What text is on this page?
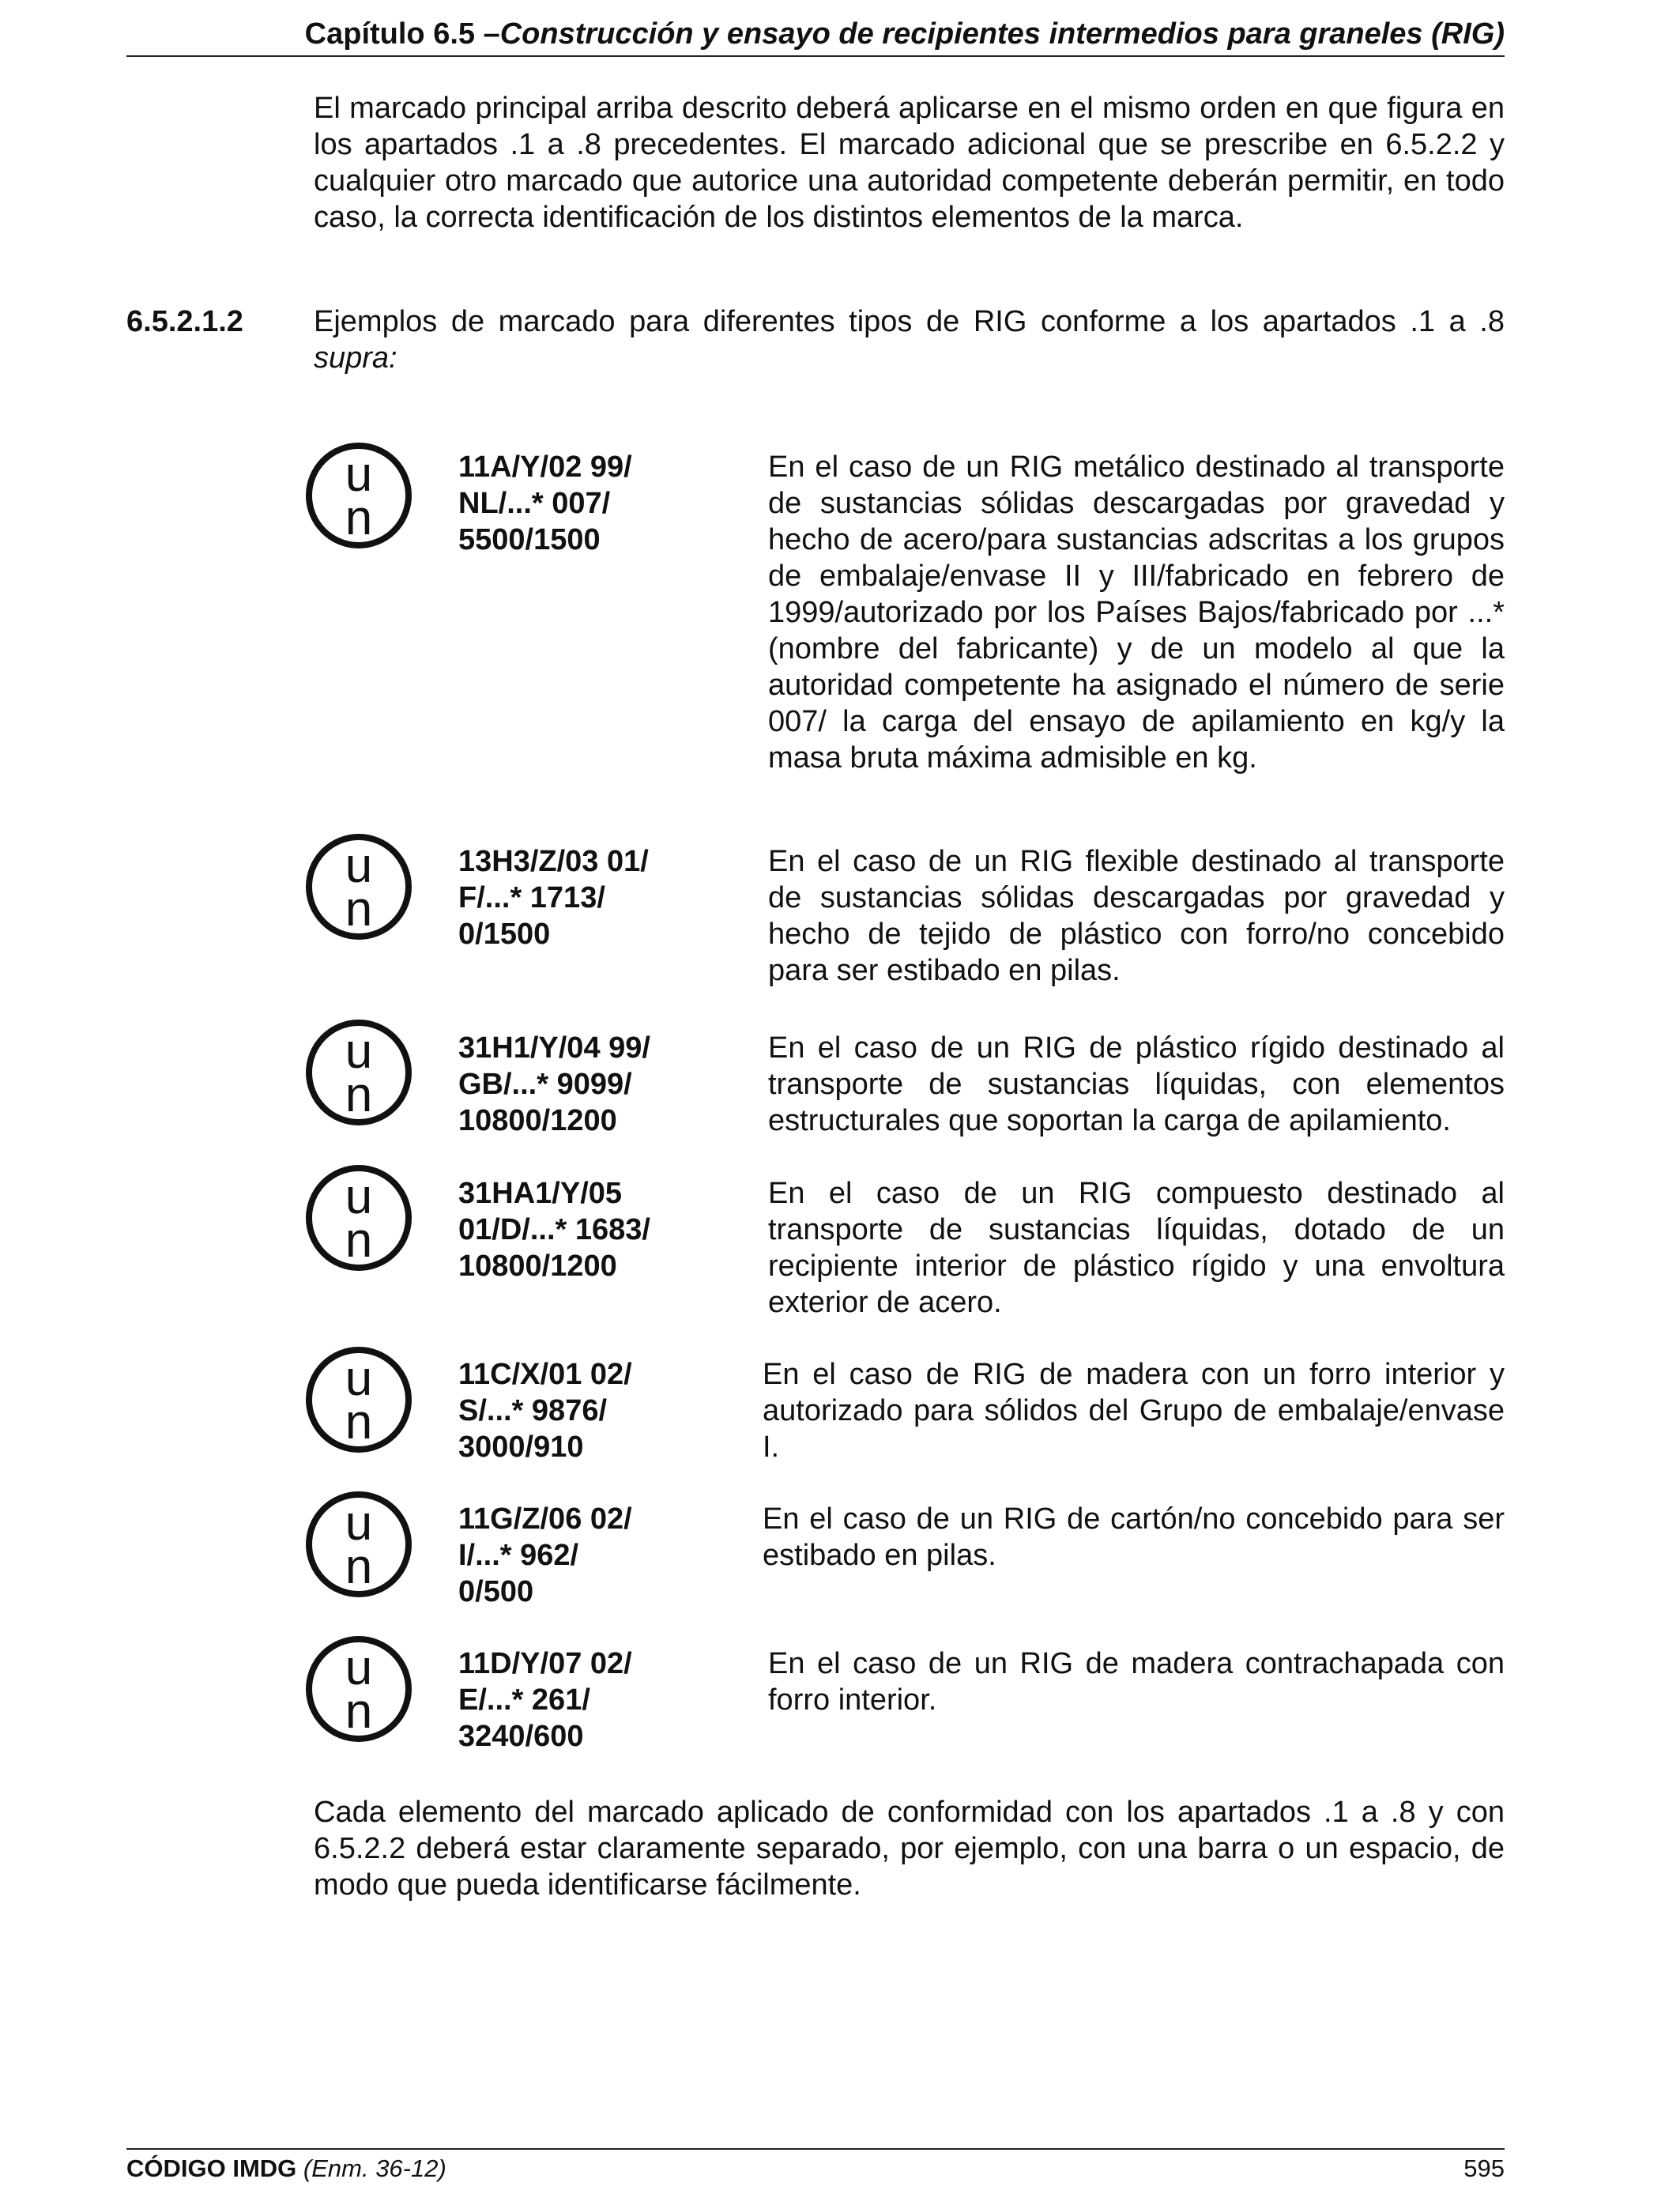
Capítulo 6.5 –Construcción y ensayo de recipientes intermedios para graneles (RIG)
El marcado principal arriba descrito deberá aplicarse en el mismo orden en que figura en los apartados .1 a .8 precedentes. El marcado adicional que se prescribe en 6.5.2.2 y cualquier otro marcado que autorice una autoridad competente deberán permitir, en todo caso, la correcta identificación de los distintos elementos de la marca.
6.5.2.1.2 Ejemplos de marcado para diferentes tipos de RIG conforme a los apartados .1 a .8
supra:
u
n
11A/Y/02 99/
NL/...* 007/
5500/1500
En el caso de un RIG metálico destinado al transporte de sustancias sólidas descargadas por gravedad y hecho de acero/para sustancias adscritas a los grupos de embalaje/envase II y III/fabricado en febrero de 1999/autorizado por los Países Bajos/fabricado por ...* (nombre del fabricante) y de un modelo al que la autoridad competente ha asignado el número de serie 007/ la carga del ensayo de apilamiento en kg/y la masa bruta máxima admisible en kg.
u
n
13H3/Z/03 01/
F/...* 1713/
0/1500
En el caso de un RIG flexible destinado al transporte de sustancias sólidas descargadas por gravedad y hecho de tejido de plástico con forro/no concebido para ser estibado en pilas.
u
n
31H1/Y/04 99/
GB/...* 9099/
10800/1200
En el caso de un RIG de plástico rígido destinado al transporte de sustancias líquidas, con elementos estructurales que soportan la carga de apilamiento.
u
n
31HA1/Y/05
01/D/...* 1683/
10800/1200
En el caso de un RIG compuesto destinado al transporte de sustancias líquidas, dotado de un recipiente interior de plástico rígido y una envoltura exterior de acero.
u
n
11C/X/01 02/
S/...* 9876/
3000/910
En el caso de RIG de madera con un forro interior y autorizado para sólidos del Grupo de embalaje/envase I.
u
n
11G/Z/06 02/
I/...* 962/
0/500
En el caso de un RIG de cartón/no concebido para ser estibado en pilas.
u
n
11D/Y/07 02/
E/...* 261/
3240/600
En el caso de un RIG de madera contrachapada con forro interior.
Cada elemento del marcado aplicado de conformidad con los apartados .1 a .8 y con 6.5.2.2 deberá estar claramente separado, por ejemplo, con una barra o un espacio, de modo que pueda identificarse fácilmente.
CÓDIGO IMDG (Enm. 36-12)	595
